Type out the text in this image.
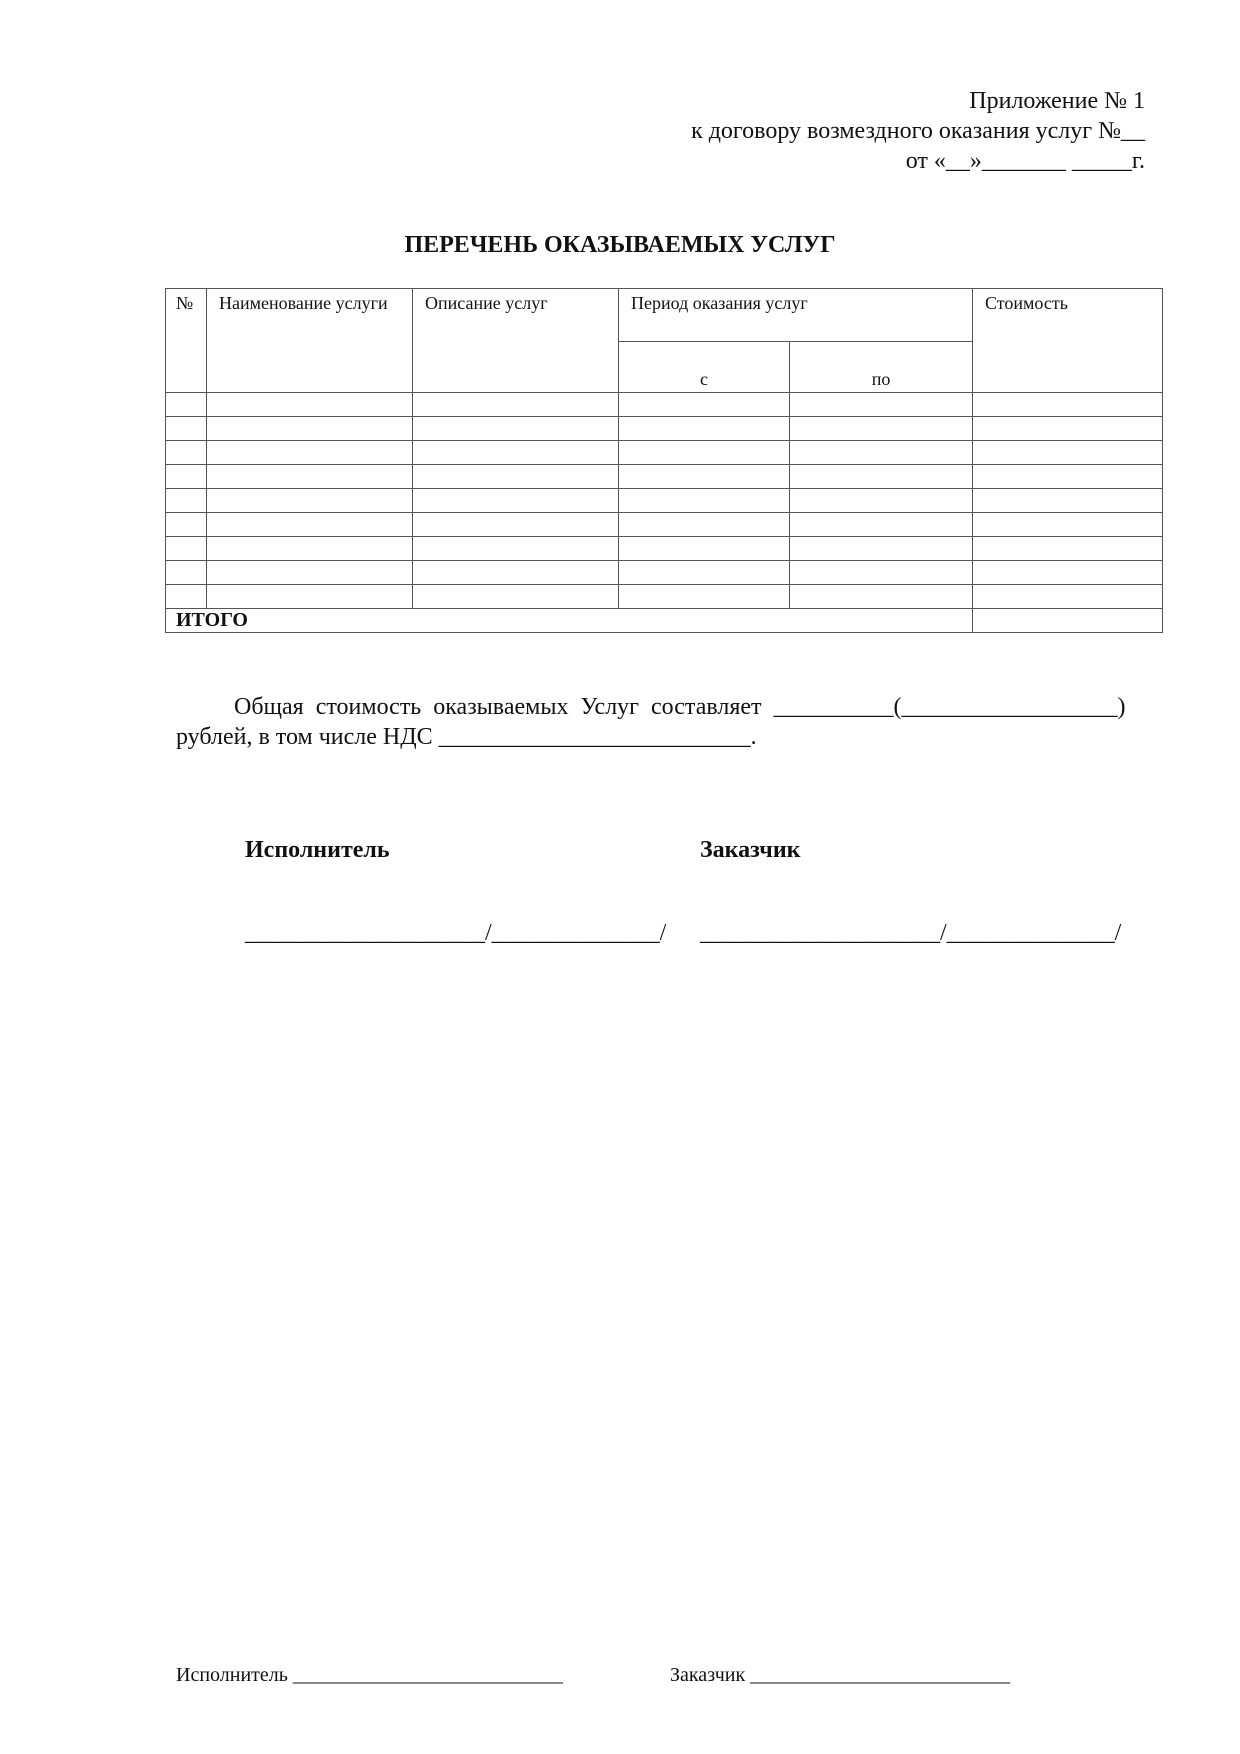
Приложение № 1
к договору возмездного оказания услуг №__
от «__»_______ _____г.
ПЕРЕЧЕНЬ ОКАЗЫВАЕМЫХ УСЛУГ
№	Наименование услуги	Описание услуг	Период оказания услуг		Стоимость
			с	по	

ИТОГО					
Общая  стоимость  оказываемых  Услуг  составляет  __________(__________________)
рублей, в том числе НДС __________________________.
Исполнитель	Заказчик
____________________/______________/ ____________________/______________/
Исполнитель ___________________________	Заказчик __________________________
